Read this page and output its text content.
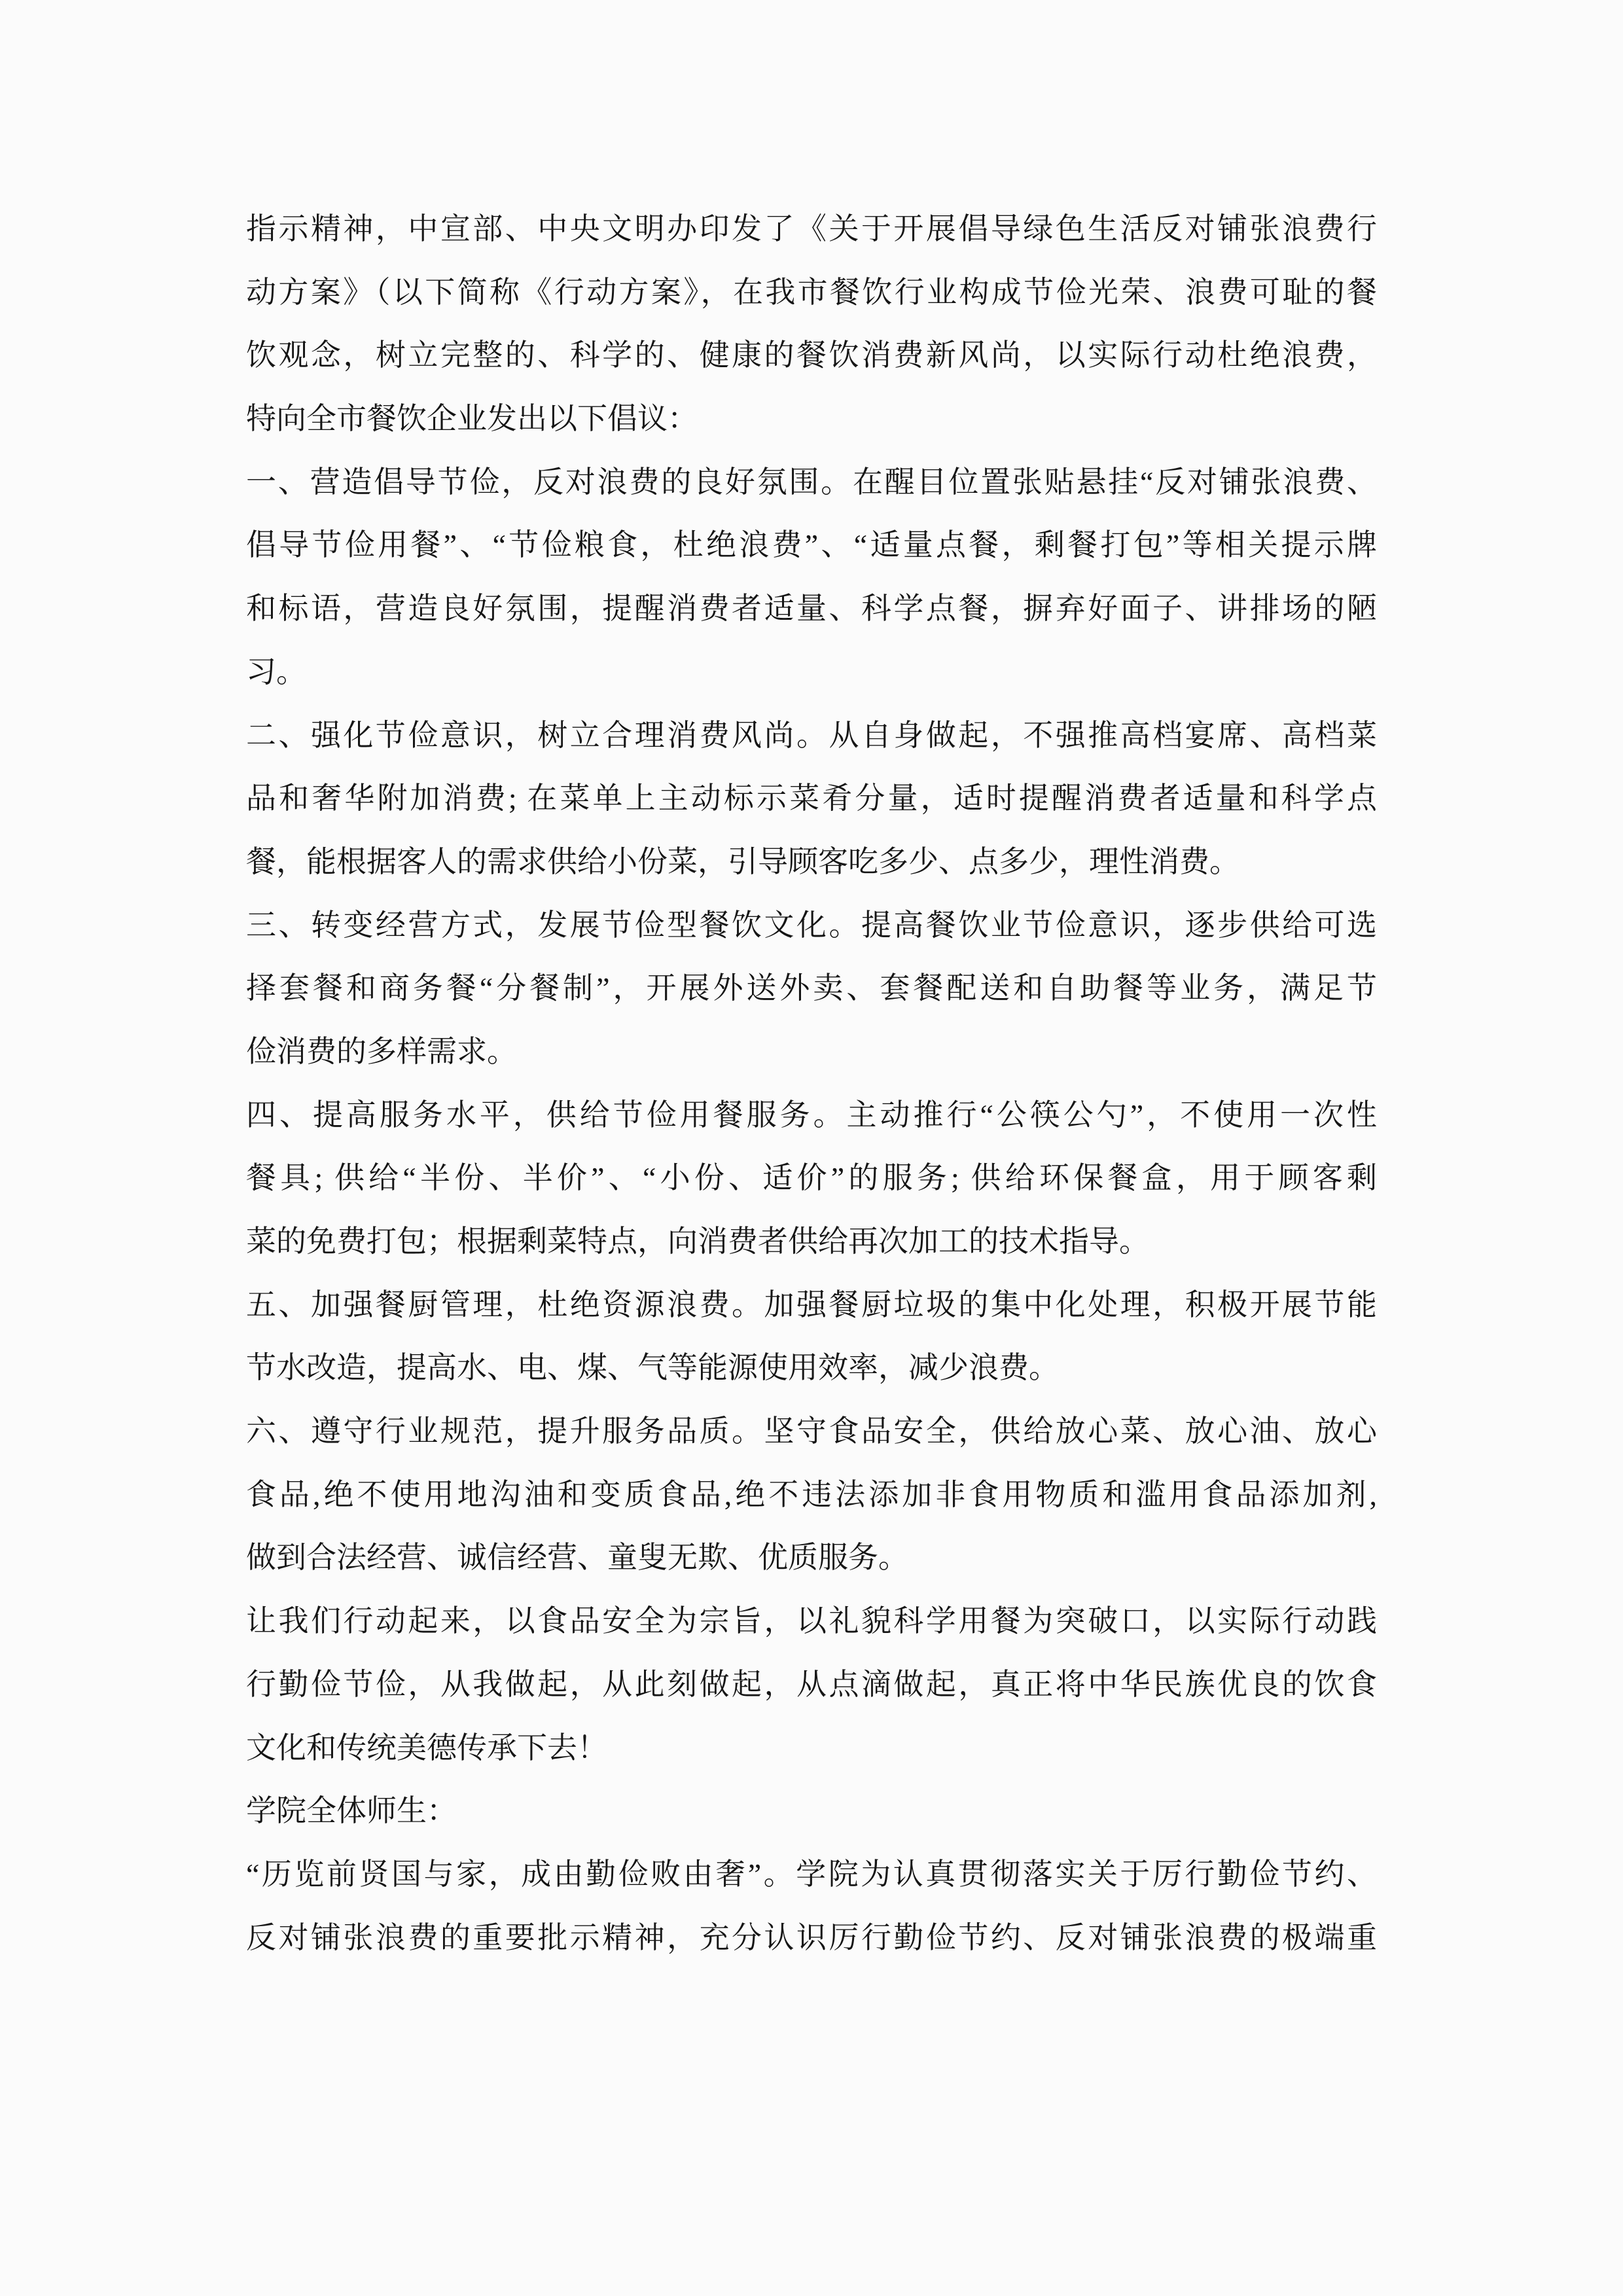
指示精神，中宣部、中央文明办印发了《关于开展倡导绿色生活反对铺张浪费行
动方案》（以下简称《行动方案》，在我市餐饮行业构成节俭光荣、浪费可耻的餐
饮观念，树立完整的、科学的、健康的餐饮消费新风尚，以实际行动杜绝浪费，
特向全市餐饮企业发出以下倡议：

一、营造倡导节俭，反对浪费的良好氛围。在醒目位置张贴悬挂“反对铺张浪费、
倡导节俭用餐”、“节俭粮食，杜绝浪费”、“适量点餐，剩餐打包”等相关提示牌
和标语，营造良好氛围，提醒消费者适量、科学点餐，摒弃好面子、讲排场的陋
习。

二、强化节俭意识，树立合理消费风尚。从自身做起，不强推高档宴席、高档菜
品和奢华附加消费; 在菜单上主动标示菜肴分量，适时提醒消费者适量和科学点
餐，能根据客人的需求供给小份菜，引导顾客吃多少、点多少，理性消费。

三、转变经营方式，发展节俭型餐饮文化。提高餐饮业节俭意识，逐步供给可选
择套餐和商务餐“分餐制”，开展外送外卖、套餐配送和自助餐等业务，满足节
俭消费的多样需求。

四、提高服务水平，供给节俭用餐服务。主动推行“公筷公勺”，不使用一次性
餐具; 供给“半份、半价”、“小份、适价”的服务; 供给环保餐盒，用于顾客剩
菜的免费打包；根据剩菜特点，向消费者供给再次加工的技术指导。

五、加强餐厨管理，杜绝资源浪费。加强餐厨垃圾的集中化处理，积极开展节能
节水改造，提高水、电、煤、气等能源使用效率，减少浪费。

六、遵守行业规范，提升服务品质。坚守食品安全，供给放心菜、放心油、放心
食品,绝不使用地沟油和变质食品,绝不违法添加非食用物质和滥用食品添加剂,
做到合法经营、诚信经营、童叟无欺、优质服务。

让我们行动起来，以食品安全为宗旨，以礼貌科学用餐为突破口，以实际行动践
行勤俭节俭，从我做起，从此刻做起，从点滴做起，真正将中华民族优良的饮食
文化和传统美德传承下去！

学院全体师生：

“历览前贤国与家，成由勤俭败由奢”。学院为认真贯彻落实关于厉行勤俭节约、
反对铺张浪费的重要批示精神，充分认识厉行勤俭节约、反对铺张浪费的极端重
